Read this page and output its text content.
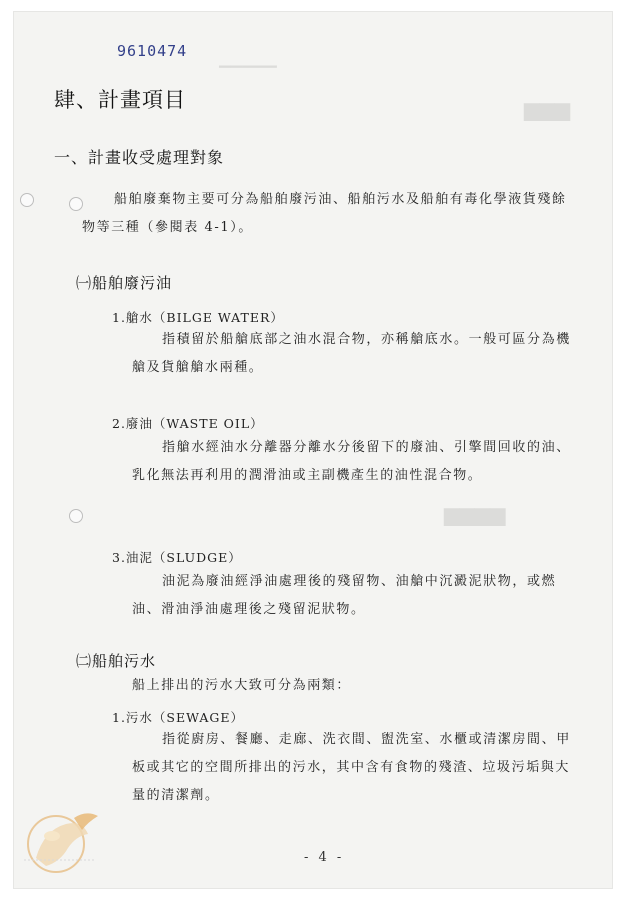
▁▁▁▁▁
▆▆▆
▆▆▆▆
9610474
肆、計畫項目
一、計畫收受處理對象
船舶廢棄物主要可分為船舶廢污油、船舶污水及船舶有毒化學液貨殘餘物等三種（參閱表 4-1）。
㈠船舶廢污油
1.艙水（BILGE WATER）
指積留於船艙底部之油水混合物，亦稱艙底水。一般可區分為機艙及貨艙艙水兩種。
2.廢油（WASTE OIL）
指艙水經油水分離器分離水分後留下的廢油、引擎間回收的油、乳化無法再利用的潤滑油或主副機產生的油性混合物。
3.油泥（SLUDGE）
油泥為廢油經淨油處理後的殘留物、油艙中沉澱泥狀物，或燃油、滑油淨油處理後之殘留泥狀物。
㈡船舶污水
船上排出的污水大致可分為兩類：
1.污水（SEWAGE）
指從廚房、餐廳、走廊、洗衣間、盥洗室、水櫃或清潔房間、甲板或其它的空間所排出的污水，其中含有食物的殘渣、垃圾污垢與大量的清潔劑。
- 4 -
